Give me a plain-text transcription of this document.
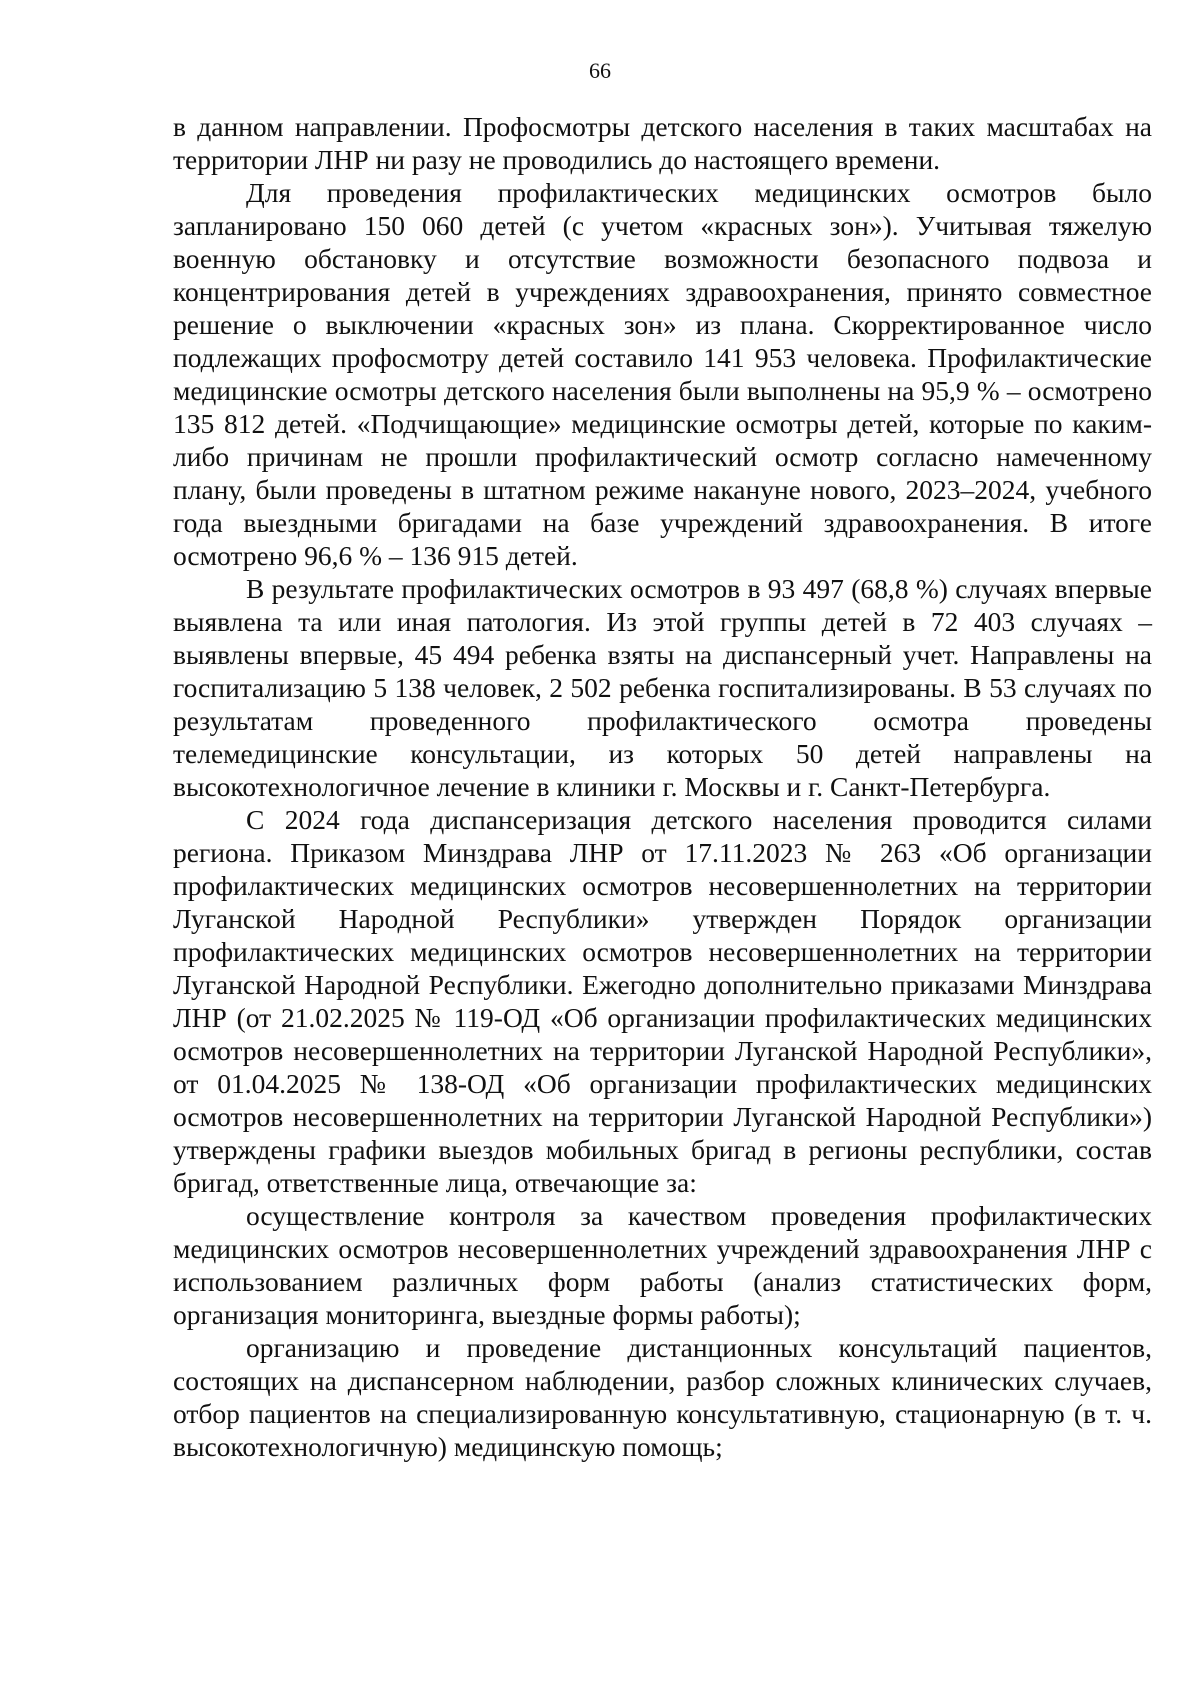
66

в данном направлении. Профосмотры детского населения в таких масштабах на территории ЛНР ни разу не проводились до настоящего времени.

Для проведения профилактических медицинских осмотров было запланировано 150 060 детей (с учетом «красных зон»). Учитывая тяжелую военную обстановку и отсутствие возможности безопасного подвоза и концентрирования детей в учреждениях здравоохранения, принято совместное решение о выключении «красных зон» из плана. Скорректированное число подлежащих профосмотру детей составило 141 953 человека. Профилактические медицинские осмотры детского населения были выполнены на 95,9 % – осмотрено 135 812 детей. «Подчищающие» медицинские осмотры детей, которые по каким-либо причинам не прошли профилактический осмотр согласно намеченному плану, были проведены в штатном режиме накануне нового, 2023–2024, учебного года выездными бригадами на базе учреждений здравоохранения. В итоге осмотрено 96,6 % – 136 915 детей.

В результате профилактических осмотров в 93 497 (68,8 %) случаях впервые выявлена та или иная патология. Из этой группы детей в 72 403 случаях – выявлены впервые, 45 494 ребенка взяты на диспансерный учет. Направлены на госпитализацию 5 138 человек, 2 502 ребенка госпитализированы. В 53 случаях по результатам проведенного профилактического осмотра проведены телемедицинские консультации, из которых 50 детей направлены на высокотехнологичное лечение в клиники г. Москвы и г. Санкт-Петербурга.

С 2024 года диспансеризация детского населения проводится силами региона. Приказом Минздрава ЛНР от 17.11.2023 № 263 «Об организации профилактических медицинских осмотров несовершеннолетних на территории Луганской Народной Республики» утвержден Порядок организации профилактических медицинских осмотров несовершеннолетних на территории Луганской Народной Республики. Ежегодно дополнительно приказами Минздрава ЛНР (от 21.02.2025 № 119-ОД «Об организации профилактических медицинских осмотров несовершеннолетних на территории Луганской Народной Республики», от 01.04.2025 № 138-ОД «Об организации профилактических медицинских осмотров несовершеннолетних на территории Луганской Народной Республики») утверждены графики выездов мобильных бригад в регионы республики, состав бригад, ответственные лица, отвечающие за:

осуществление контроля за качеством проведения профилактических медицинских осмотров несовершеннолетних учреждений здравоохранения ЛНР с использованием различных форм работы (анализ статистических форм, организация мониторинга, выездные формы работы);

организацию и проведение дистанционных консультаций пациентов, состоящих на диспансерном наблюдении, разбор сложных клинических случаев, отбор пациентов на специализированную консультативную, стационарную (в т. ч. высокотехнологичную) медицинскую помощь;
